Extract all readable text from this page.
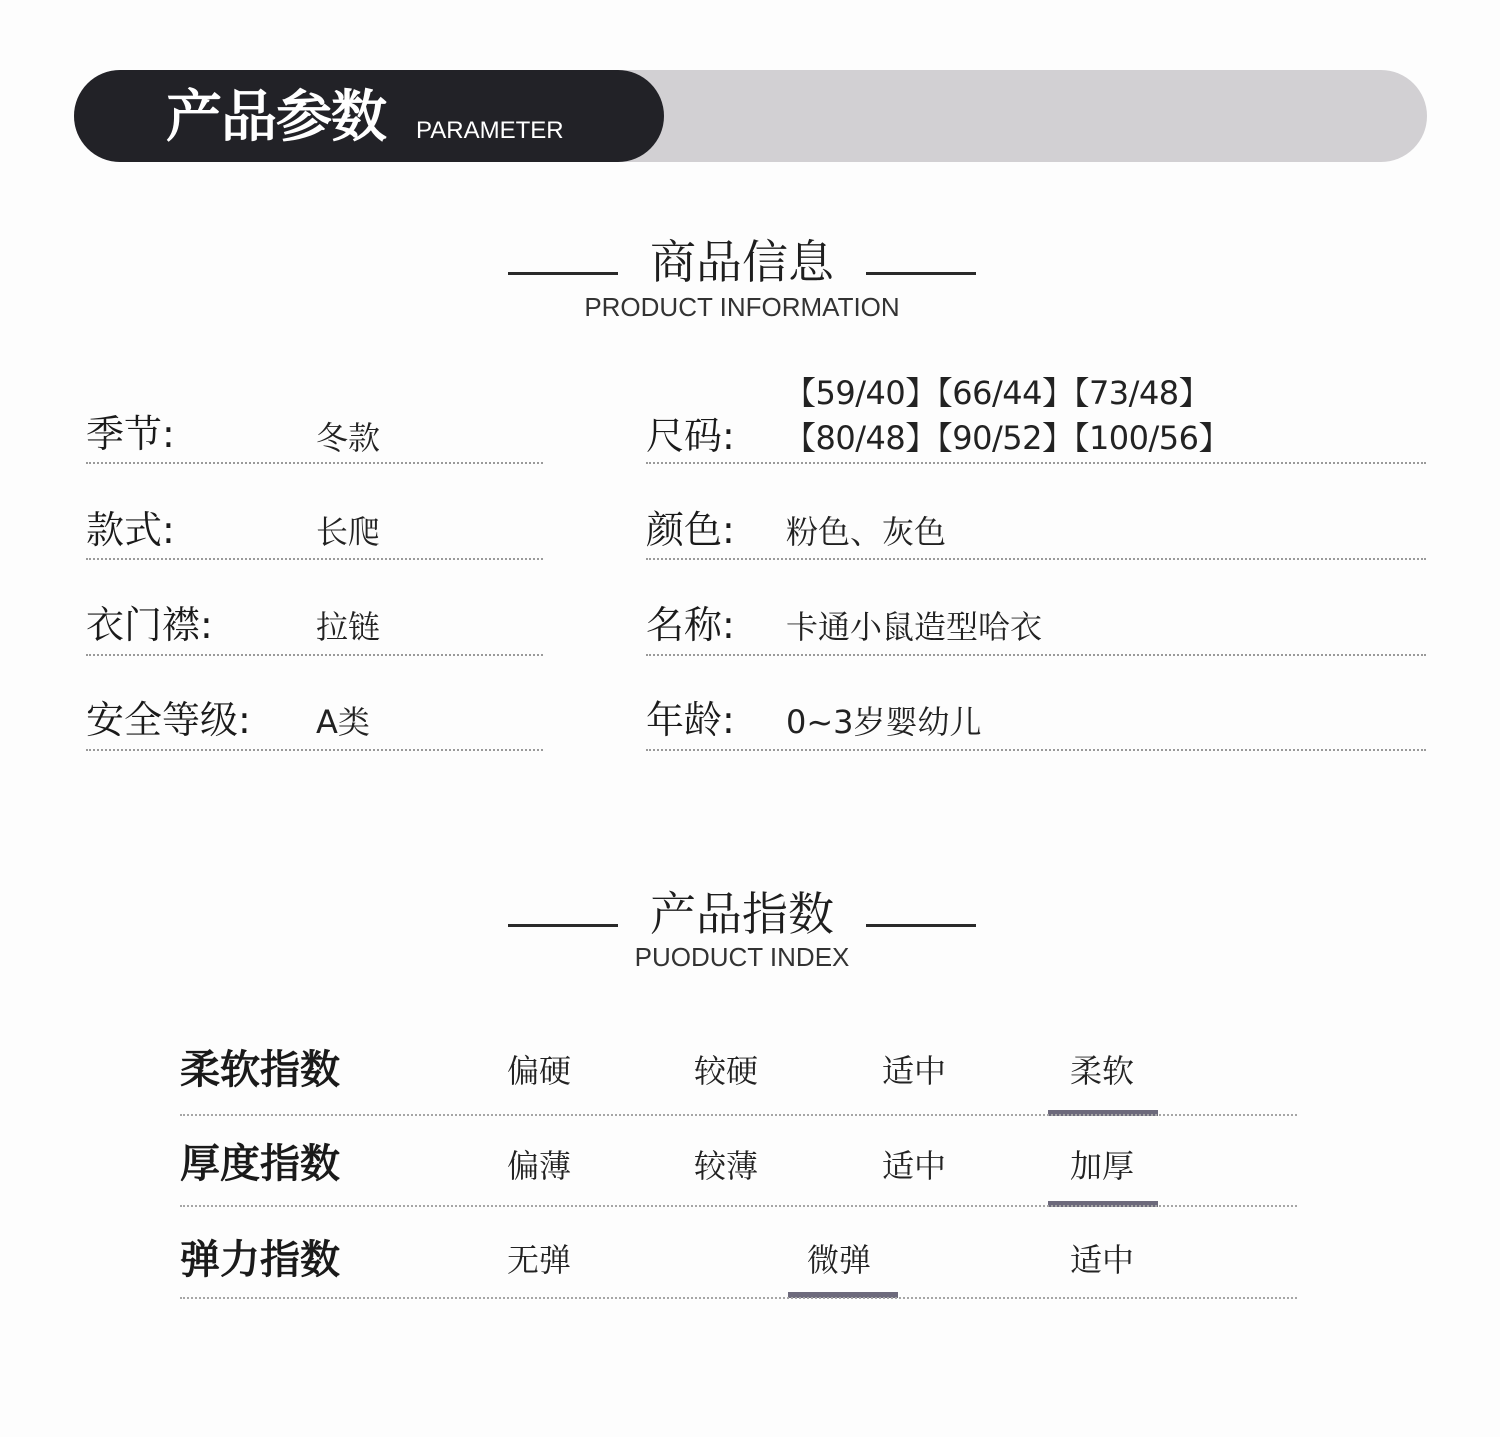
产品参数 PARAMETER
商品信息
PRODUCT INFORMATION
季节:	冬款
款式:	长爬
衣门襟:	拉链
安全等级: A类
尺码:
【59/40】【66/44】【73/48】
【80/48】【90/52】【100/56】
颜色: 粉色、灰色
名称: 卡通小鼠造型哈衣
年龄: 0~3岁婴幼儿
产品指数
PUODUCT INDEX
柔软指数	偏硬	较硬	适中	柔软
厚度指数	偏薄	较薄	适中	加厚
弹力指数	无弹	微弹	适中
